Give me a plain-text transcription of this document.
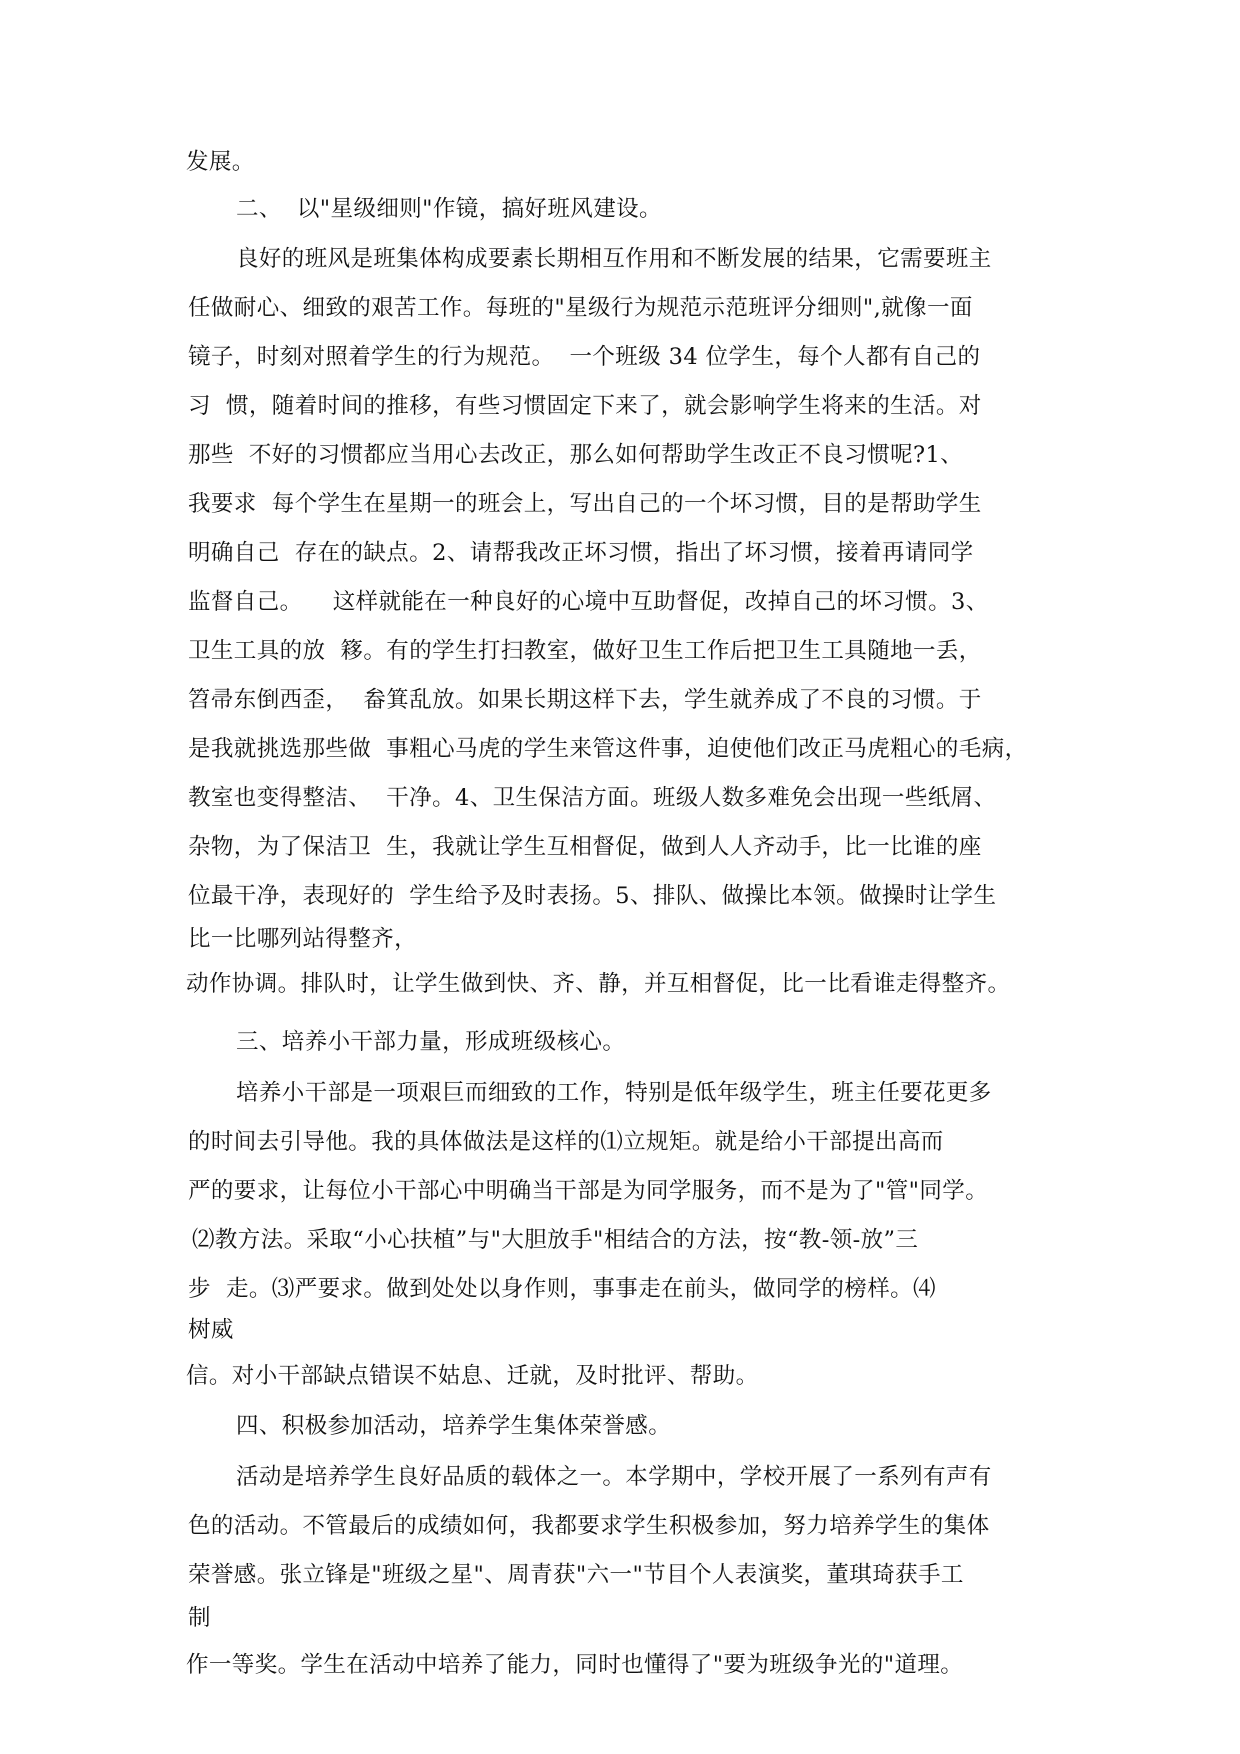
发展。
二、  以"星级细则"作镜，搞好班风建设。
良好的班风是班集体构成要素长期相互作用和不断发展的结果，它需要班主
任做耐心、细致的艰苦工作。每班的"星级行为规范示范班评分细则",就像一面
镜子，时刻对照着学生的行为规范。  一个班级 34 位学生，每个人都有自己的
习  惯，随着时间的推移，有些习惯固定下来了，就会影响学生将来的生活。对
那些  不好的习惯都应当用心去改正，那么如何帮助学生改正不良习惯呢?1、
我要求  每个学生在星期一的班会上，写出自己的一个坏习惯，目的是帮助学生
明确自己  存在的缺点。2、请帮我改正坏习惯，指出了坏习惯，接着再请同学
监督自己。    这样就能在一种良好的心境中互助督促，改掉自己的坏习惯。3、
卫生工具的放  簃。有的学生打扫教室，做好卫生工作后把卫生工具随地一丢，
笤帚东倒西歪，  畚箕乱放。如果长期这样下去，学生就养成了不良的习惯。于
是我就挑选那些做  事粗心马虎的学生来管这件事，迫使他们改正马虎粗心的毛病，
教室也变得整洁、  干净。4、卫生保洁方面。班级人数多难免会出现一些纸屑、
杂物，为了保洁卫  生，我就让学生互相督促，做到人人齐动手，比一比谁的座
位最干净，表现好的  学生给予及时表扬。5、排队、做操比本领。做操时让学生
比一比哪列站得整齐，
动作协调。排队时，让学生做到快、齐、静，并互相督促，比一比看谁走得整齐。
三、培养小干部力量，形成班级核心。
培养小干部是一项艰巨而细致的工作，特别是低年级学生，班主任要花更多
的时间去引导他。我的具体做法是这样的⑴立规矩。就是给小干部提出高而
严的要求，让每位小干部心中明确当干部是为同学服务，而不是为了"管"同学。
⑵教方法。采取“小心扶植”与"大胆放手"相结合的方法，按“教-领-放”三
步  走。⑶严要求。做到处处以身作则，事事走在前头，做同学的榜样。⑷
树威
信。对小干部缺点错误不姑息、迁就，及时批评、帮助。
四、积极参加活动，培养学生集体荣誉感。
活动是培养学生良好品质的载体之一。本学期中，学校开展了一系列有声有
色的活动。不管最后的成绩如何，我都要求学生积极参加，努力培养学生的集体
荣誉感。张立锋是"班级之星"、周青获"六一"节目个人表演奖，董琪琦获手工
制
作一等奖。学生在活动中培养了能力，同时也懂得了"要为班级争光的"道理。
